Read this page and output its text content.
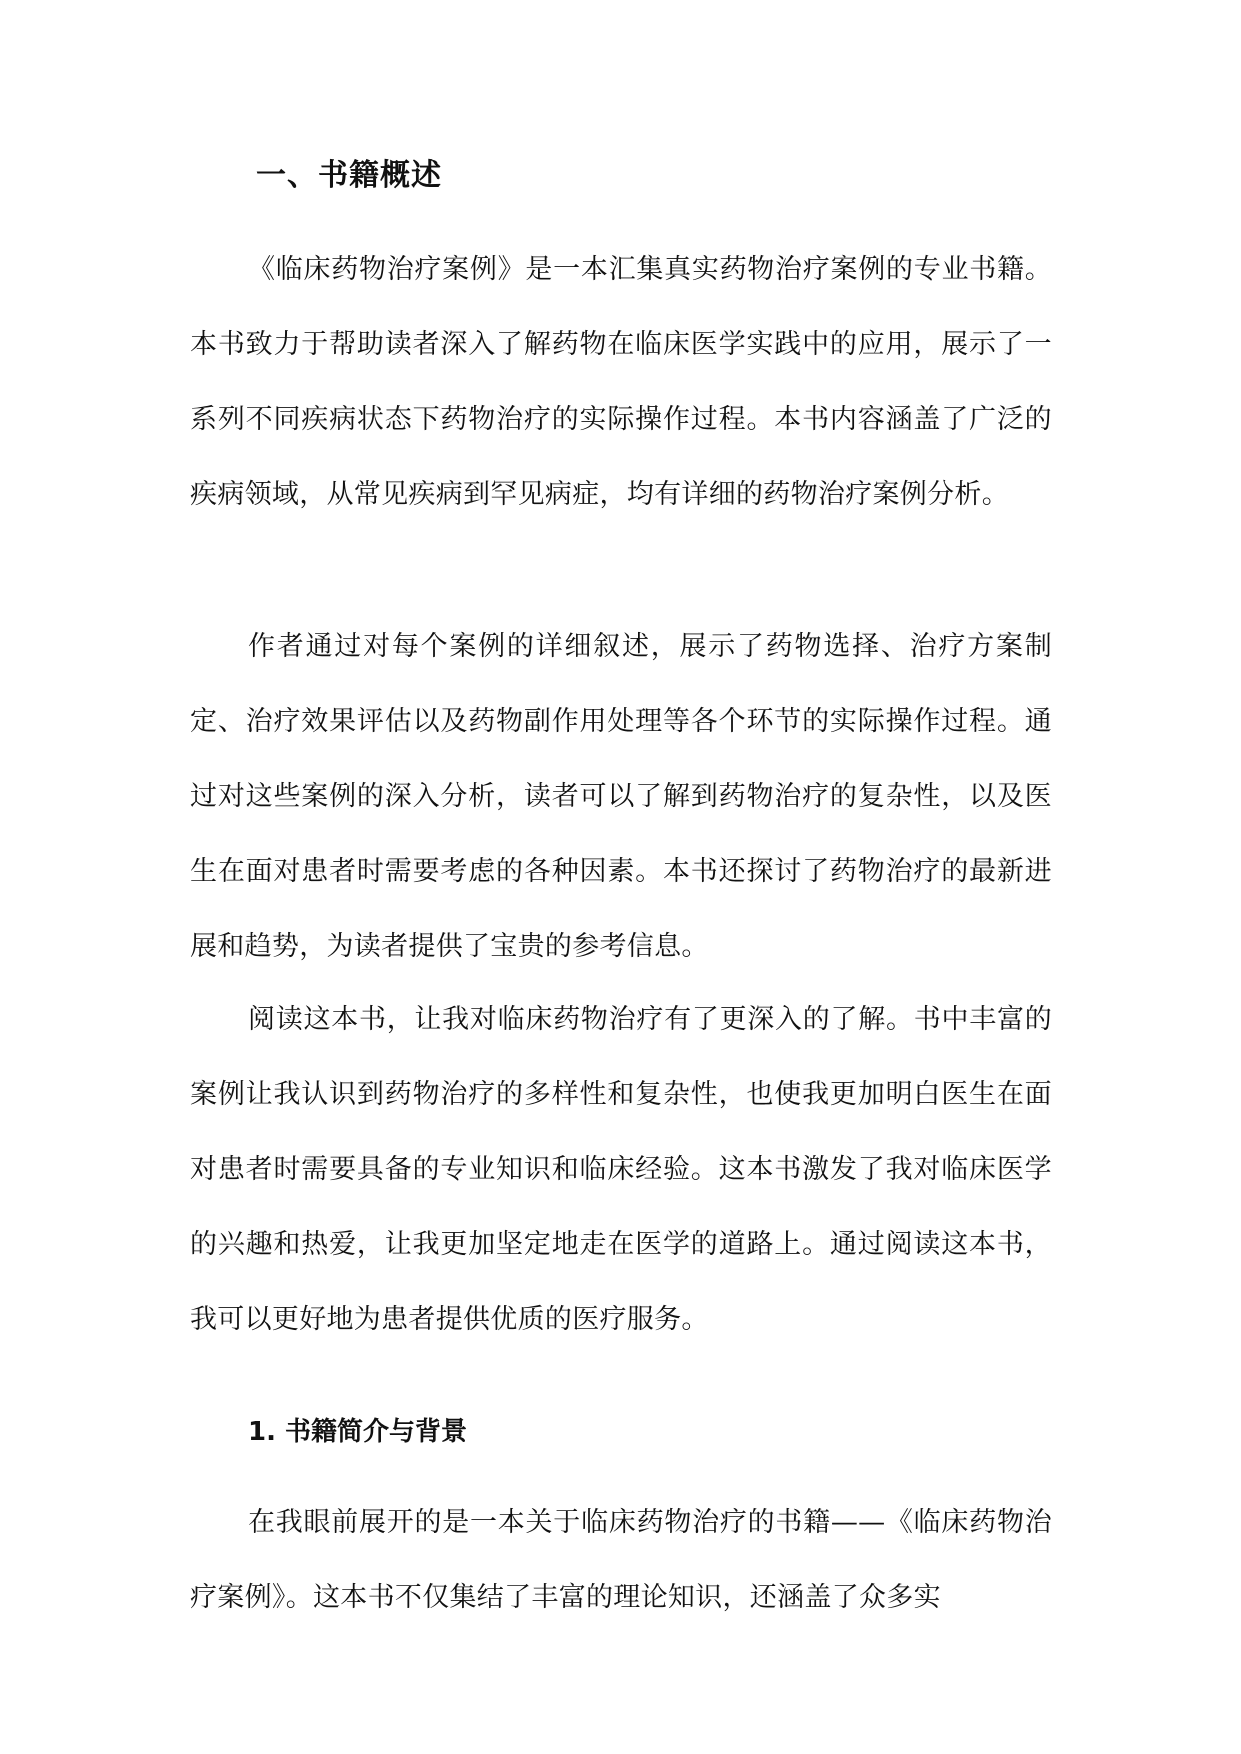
一、书籍概述

《临床药物治疗案例》是一本汇集真实药物治疗案例的专业书籍。本书致力于帮助读者深入了解药物在临床医学实践中的应用，展示了一系列不同疾病状态下药物治疗的实际操作过程。本书内容涵盖了广泛的疾病领域，从常见疾病到罕见病症，均有详细的药物治疗案例分析。

作者通过对每个案例的详细叙述，展示了药物选择、治疗方案制定、治疗效果评估以及药物副作用处理等各个环节的实际操作过程。通过对这些案例的深入分析，读者可以了解到药物治疗的复杂性，以及医生在面对患者时需要考虑的各种因素。本书还探讨了药物治疗的最新进展和趋势，为读者提供了宝贵的参考信息。

阅读这本书，让我对临床药物治疗有了更深入的了解。书中丰富的案例让我认识到药物治疗的多样性和复杂性，也使我更加明白医生在面对患者时需要具备的专业知识和临床经验。这本书激发了我对临床医学的兴趣和热爱，让我更加坚定地走在医学的道路上。通过阅读这本书，我可以更好地为患者提供优质的医疗服务。

1. 书籍简介与背景

在我眼前展开的是一本关于临床药物治疗的书籍——《临床药物治疗案例》。这本书不仅集结了丰富的理论知识，还涵盖了众多实
